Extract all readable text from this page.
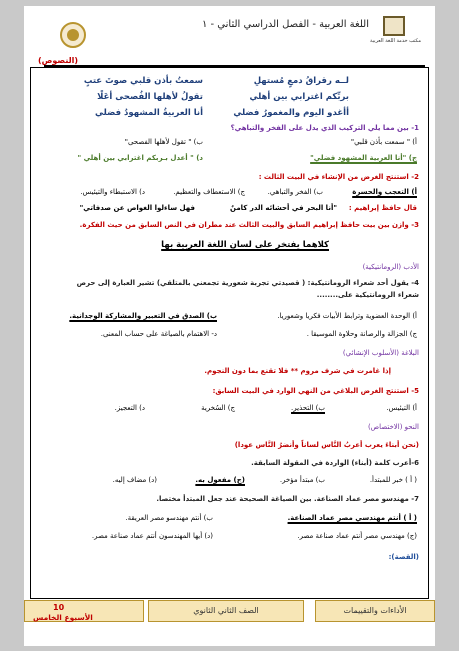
مكتب خدمة اللغة العربية
اللغة العربية - الفصل الدراسي الثاني - ١
(النصوص)
سمعتُ بأذن قلبي صوتَ عتبٍ	لــه رقراقُ دمعٍ مُستهلِ
تقولُ لأهلها الفُصحى أعَلًا	بربِّكم اغترابي بين أهلي
أنا العربيةُ المشهودُ فضلي	أأغدو اليوم والمغمورُ فضلي
1- بين مما يلي التركيب الذي يدل على الفخر والتباهي؟
أ) " سمعت بأذن قلبي"
ب) " تقول لأهلها الفصحى"
ج) "أنا العربية المشهود فضلي"
د) " أعدل بـربكم اغترابي بين أهلي "
2- استنتج الغرض من الإنشاء في البيت الثالث :
أ) التعجب والحسرة
ب) الفخر والتباهي.
ج) الاستعطاف والتعظيم.
د) الاستبطاء والتيئيس.
قال حافظ إبراهيم :
"أنا البحر في أحشائه الدر كامنٌ
فهل ساءلوا الغواص عن صدفاتي"
3- وازن بين بيت حافظ إبراهيم السابق والبيت الثالث عند مطران في النص السابق من حيث الفكرة.
كلاهما يفتخر على لسان اللغة العربية بها
الأدب (الرومانتيكية)
4- يقول أحد شعراء الرومانتيكية: ( قصيدتي تجربة شعورية تجمعني بالمتلقي) تشير العبارة إلى حرص
شعراء الرومانتيكية على........
أ) الوحدة العضوية وترابط الأبيات فكريا وشعوريا.
ب) الصدق في التعبير والمشاركة الوجدانية.
ج) الجزالة والرصانة وحلاوة الموسيقا .
د- الاهتمام بالصياغة على حساب المعنى.
البلاغة (الأسلوب الإنشائي)
إذا غامرت في شرف مروم ** فلا تقنع بما دون النجوم.
5- استنتج الغرض البلاغي من النهي الوارد في البيت السابق:
أ) التيئيس.
ب) التحذير.
ج) السُخرية
د) التعجيز.
النحو (الاختصاص)
(نحن أبناءَ يعرب أعربُ النَّاس لساناً وأنضرُ النَّاس عودا)
6-أعرب كلمة (أبناء) الواردة في المقولة السابقة.
( أ ) خبر للمبتدأ.
ب) مبتدأ مؤخر.
(ج) مفعول به.
(د) مضاف إليه.
7- مهندسو مصر عماد الصناعة. بين الصياغة الصحيحة عند جعل المبتدأ مختصا.
( أ ) أنتم مهندسي مصر عماد الصناعة.
ب) أنتم مهندسو مصر العريقة.
(ج) مهندسي مصر أنتم عماد صناعة مصر.
(د) أيها المهندسون أنتم عماد صناعة مصر.
(القصة):
الأداءات والتقييمات
الصف الثاني الثانوي
10
الأسبوع الخامس
